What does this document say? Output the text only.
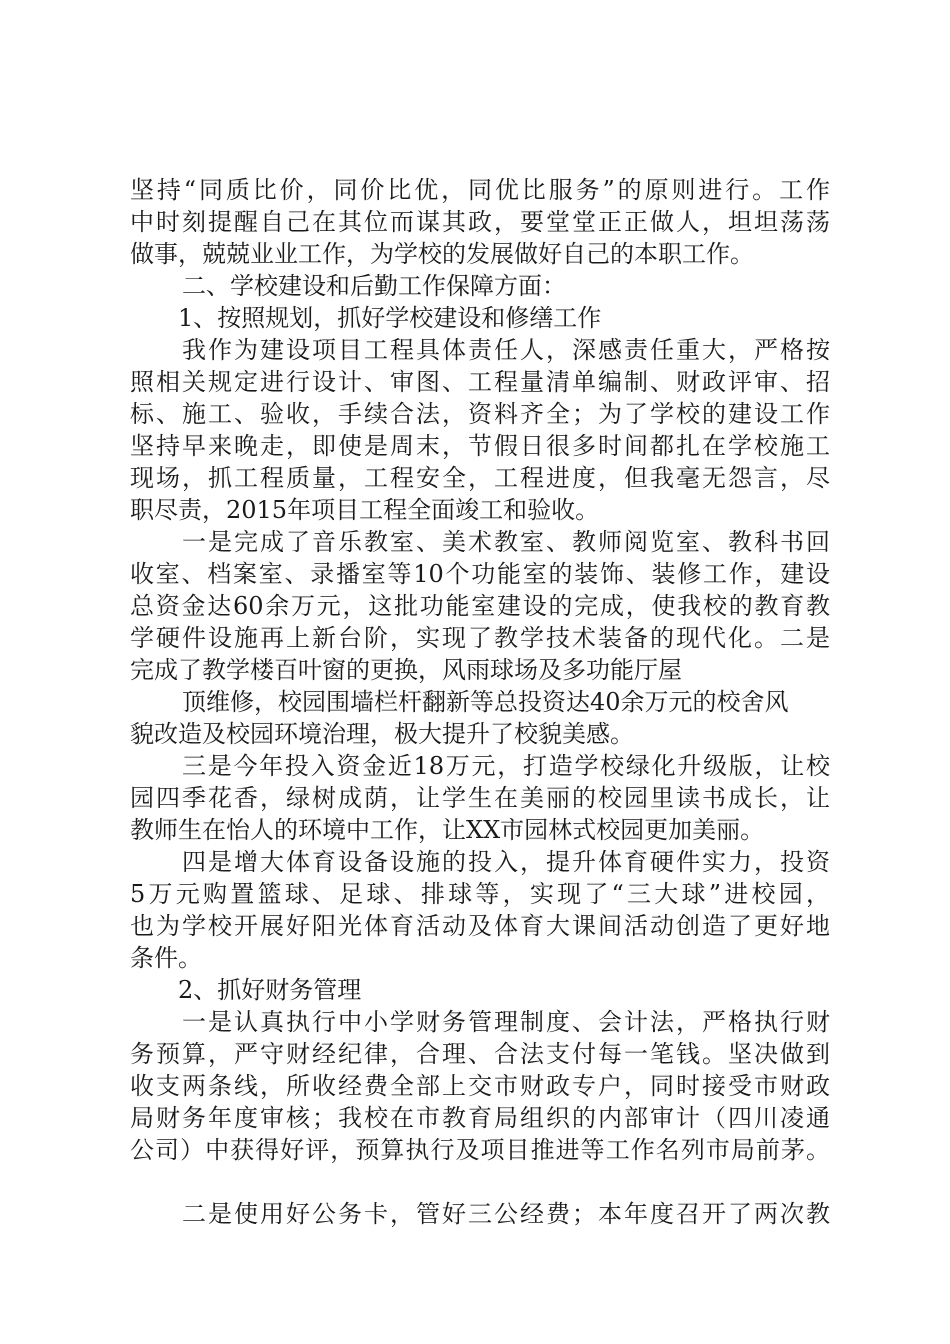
坚持“同质比价，同价比优，同优比服务”的原则进行。工作
中时刻提醒自己在其位而谋其政，要堂堂正正做人，坦坦荡荡
做事，兢兢业业工作，为学校的发展做好自己的本职工作。
二、学校建设和后勤工作保障方面：
1、按照规划，抓好学校建设和修缮工作
我作为建设项目工程具体责任人，深感责任重大，严格按
照相关规定进行设计、审图、工程量清单编制、财政评审、招
标、施工、验收，手续合法，资料齐全；为了学校的建设工作
坚持早来晚走，即使是周末，节假日很多时间都扎在学校施工
现场，抓工程质量，工程安全，工程进度，但我毫无怨言，尽
职尽责，2015年项目工程全面竣工和验收。
一是完成了音乐教室、美术教室、教师阅览室、教科书回
收室、档案室、录播室等10个功能室的装饰、装修工作，建设
总资金达60余万元，这批功能室建设的完成，使我校的教育教
学硬件设施再上新台阶，实现了教学技术装备的现代化。二是
完成了教学楼百叶窗的更换，风雨球场及多功能厅屋
顶维修，校园围墙栏杆翻新等总投资达40余万元的校舍风
貌改造及校园环境治理，极大提升了校貌美感。
三是今年投入资金近18万元，打造学校绿化升级版，让校
园四季花香，绿树成荫，让学生在美丽的校园里读书成长，让
教师生在怡人的环境中工作，让XX市园林式校园更加美丽。
四是增大体育设备设施的投入，提升体育硬件实力，投资
5万元购置篮球、足球、排球等，实现了“三大球”进校园，
也为学校开展好阳光体育活动及体育大课间活动创造了更好地
条件。
2、抓好财务管理
一是认真执行中小学财务管理制度、会计法，严格执行财
务预算，严守财经纪律，合理、合法支付每一笔钱。坚决做到
收支两条线，所收经费全部上交市财政专户，同时接受市财政
局财务年度审核；我校在市教育局组织的内部审计（四川凌通
公司）中获得好评，预算执行及项目推进等工作名列市局前茅。
二是使用好公务卡，管好三公经费；本年度召开了两次教
